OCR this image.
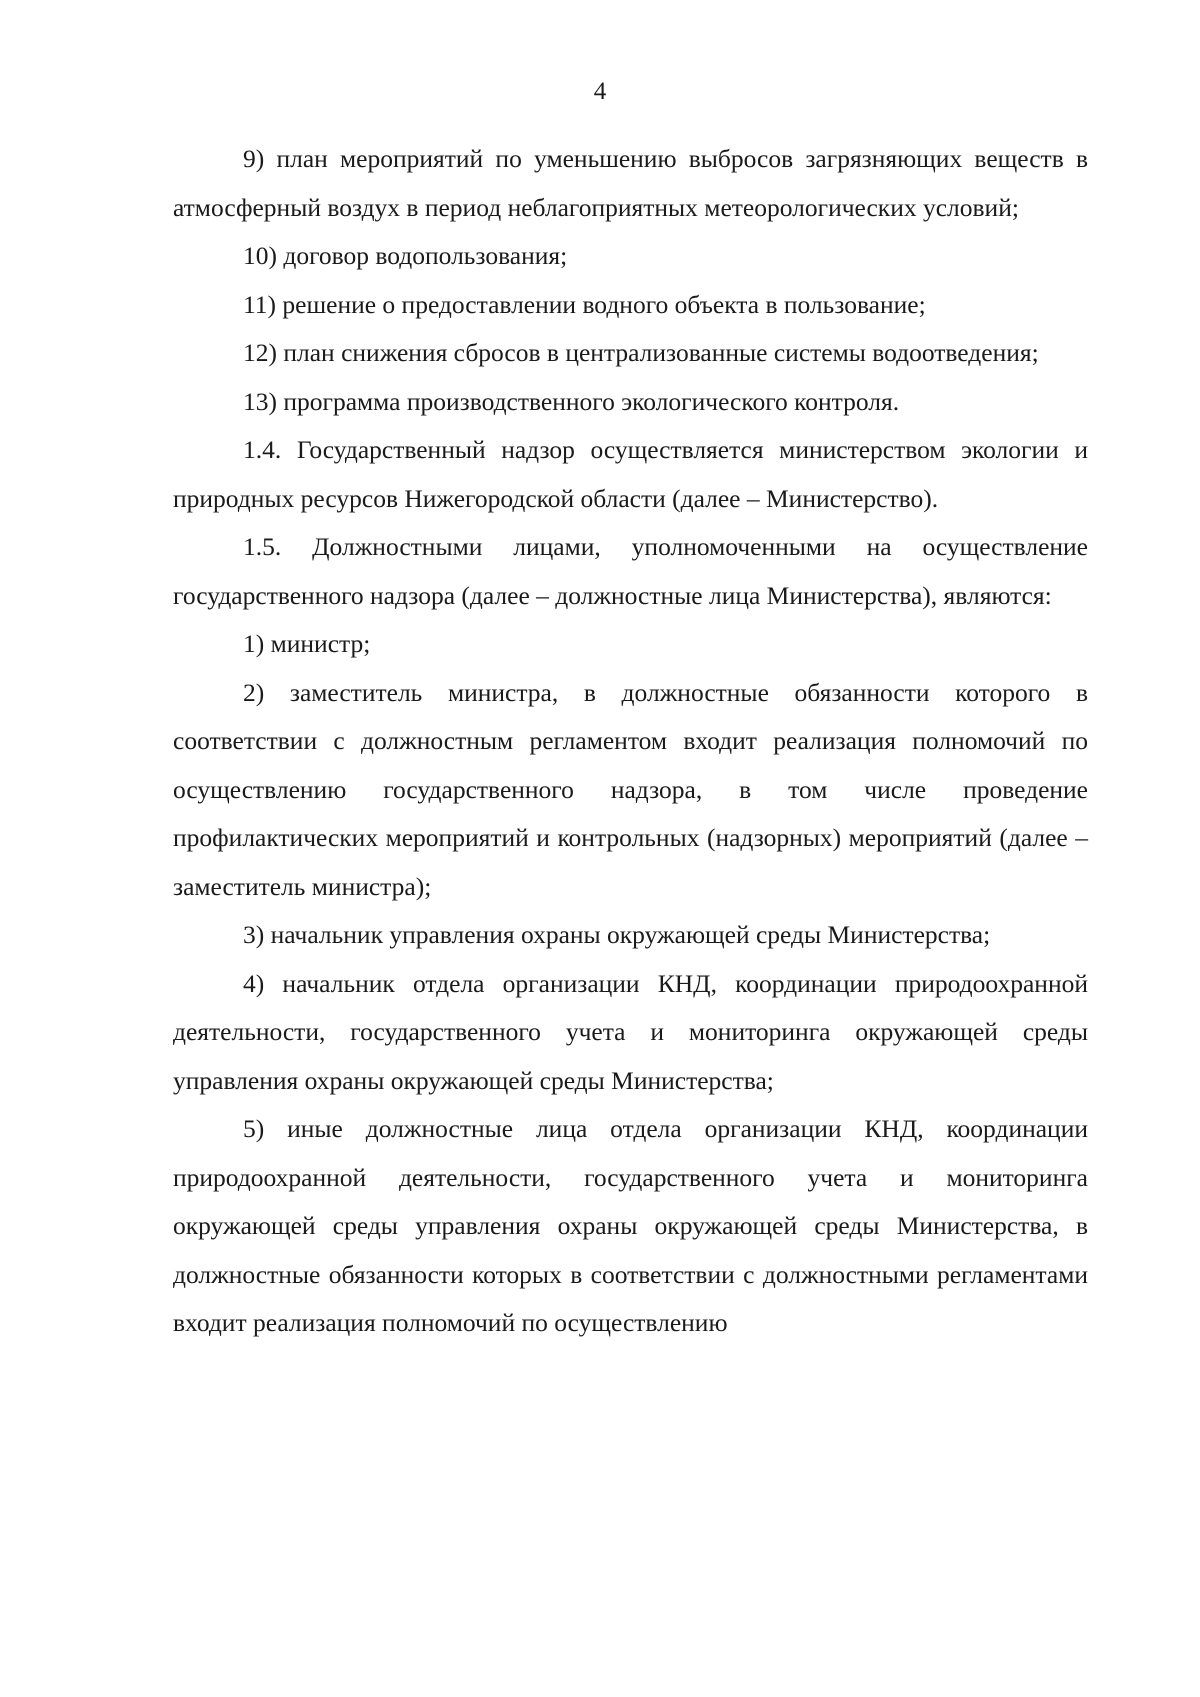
4

9) план мероприятий по уменьшению выбросов загрязняющих веществ в атмосферный воздух в период неблагоприятных метеорологических условий;

10) договор водопользования;

11) решение о предоставлении водного объекта в пользование;

12) план снижения сбросов в централизованные системы водоотведения;

13) программа производственного экологического контроля.

1.4. Государственный надзор осуществляется министерством экологии и природных ресурсов Нижегородской области (далее – Министерство).

1.5. Должностными лицами, уполномоченными на осуществление государственного надзора (далее – должностные лица Министерства), являются:

1) министр;

2) заместитель министра, в должностные обязанности которого в соответствии с должностным регламентом входит реализация полномочий по осуществлению государственного надзора, в том числе проведение профилактических мероприятий и контрольных (надзорных) мероприятий (далее – заместитель министра);

3) начальник управления охраны окружающей среды Министерства;

4) начальник отдела организации КНД, координации природоохранной деятельности, государственного учета и мониторинга окружающей среды управления охраны окружающей среды Министерства;

5) иные должностные лица отдела организации КНД, координации природоохранной деятельности, государственного учета и мониторинга окружающей среды управления охраны окружающей среды Министерства, в должностные обязанности которых в соответствии с должностными регламентами входит реализация полномочий по осуществлению
